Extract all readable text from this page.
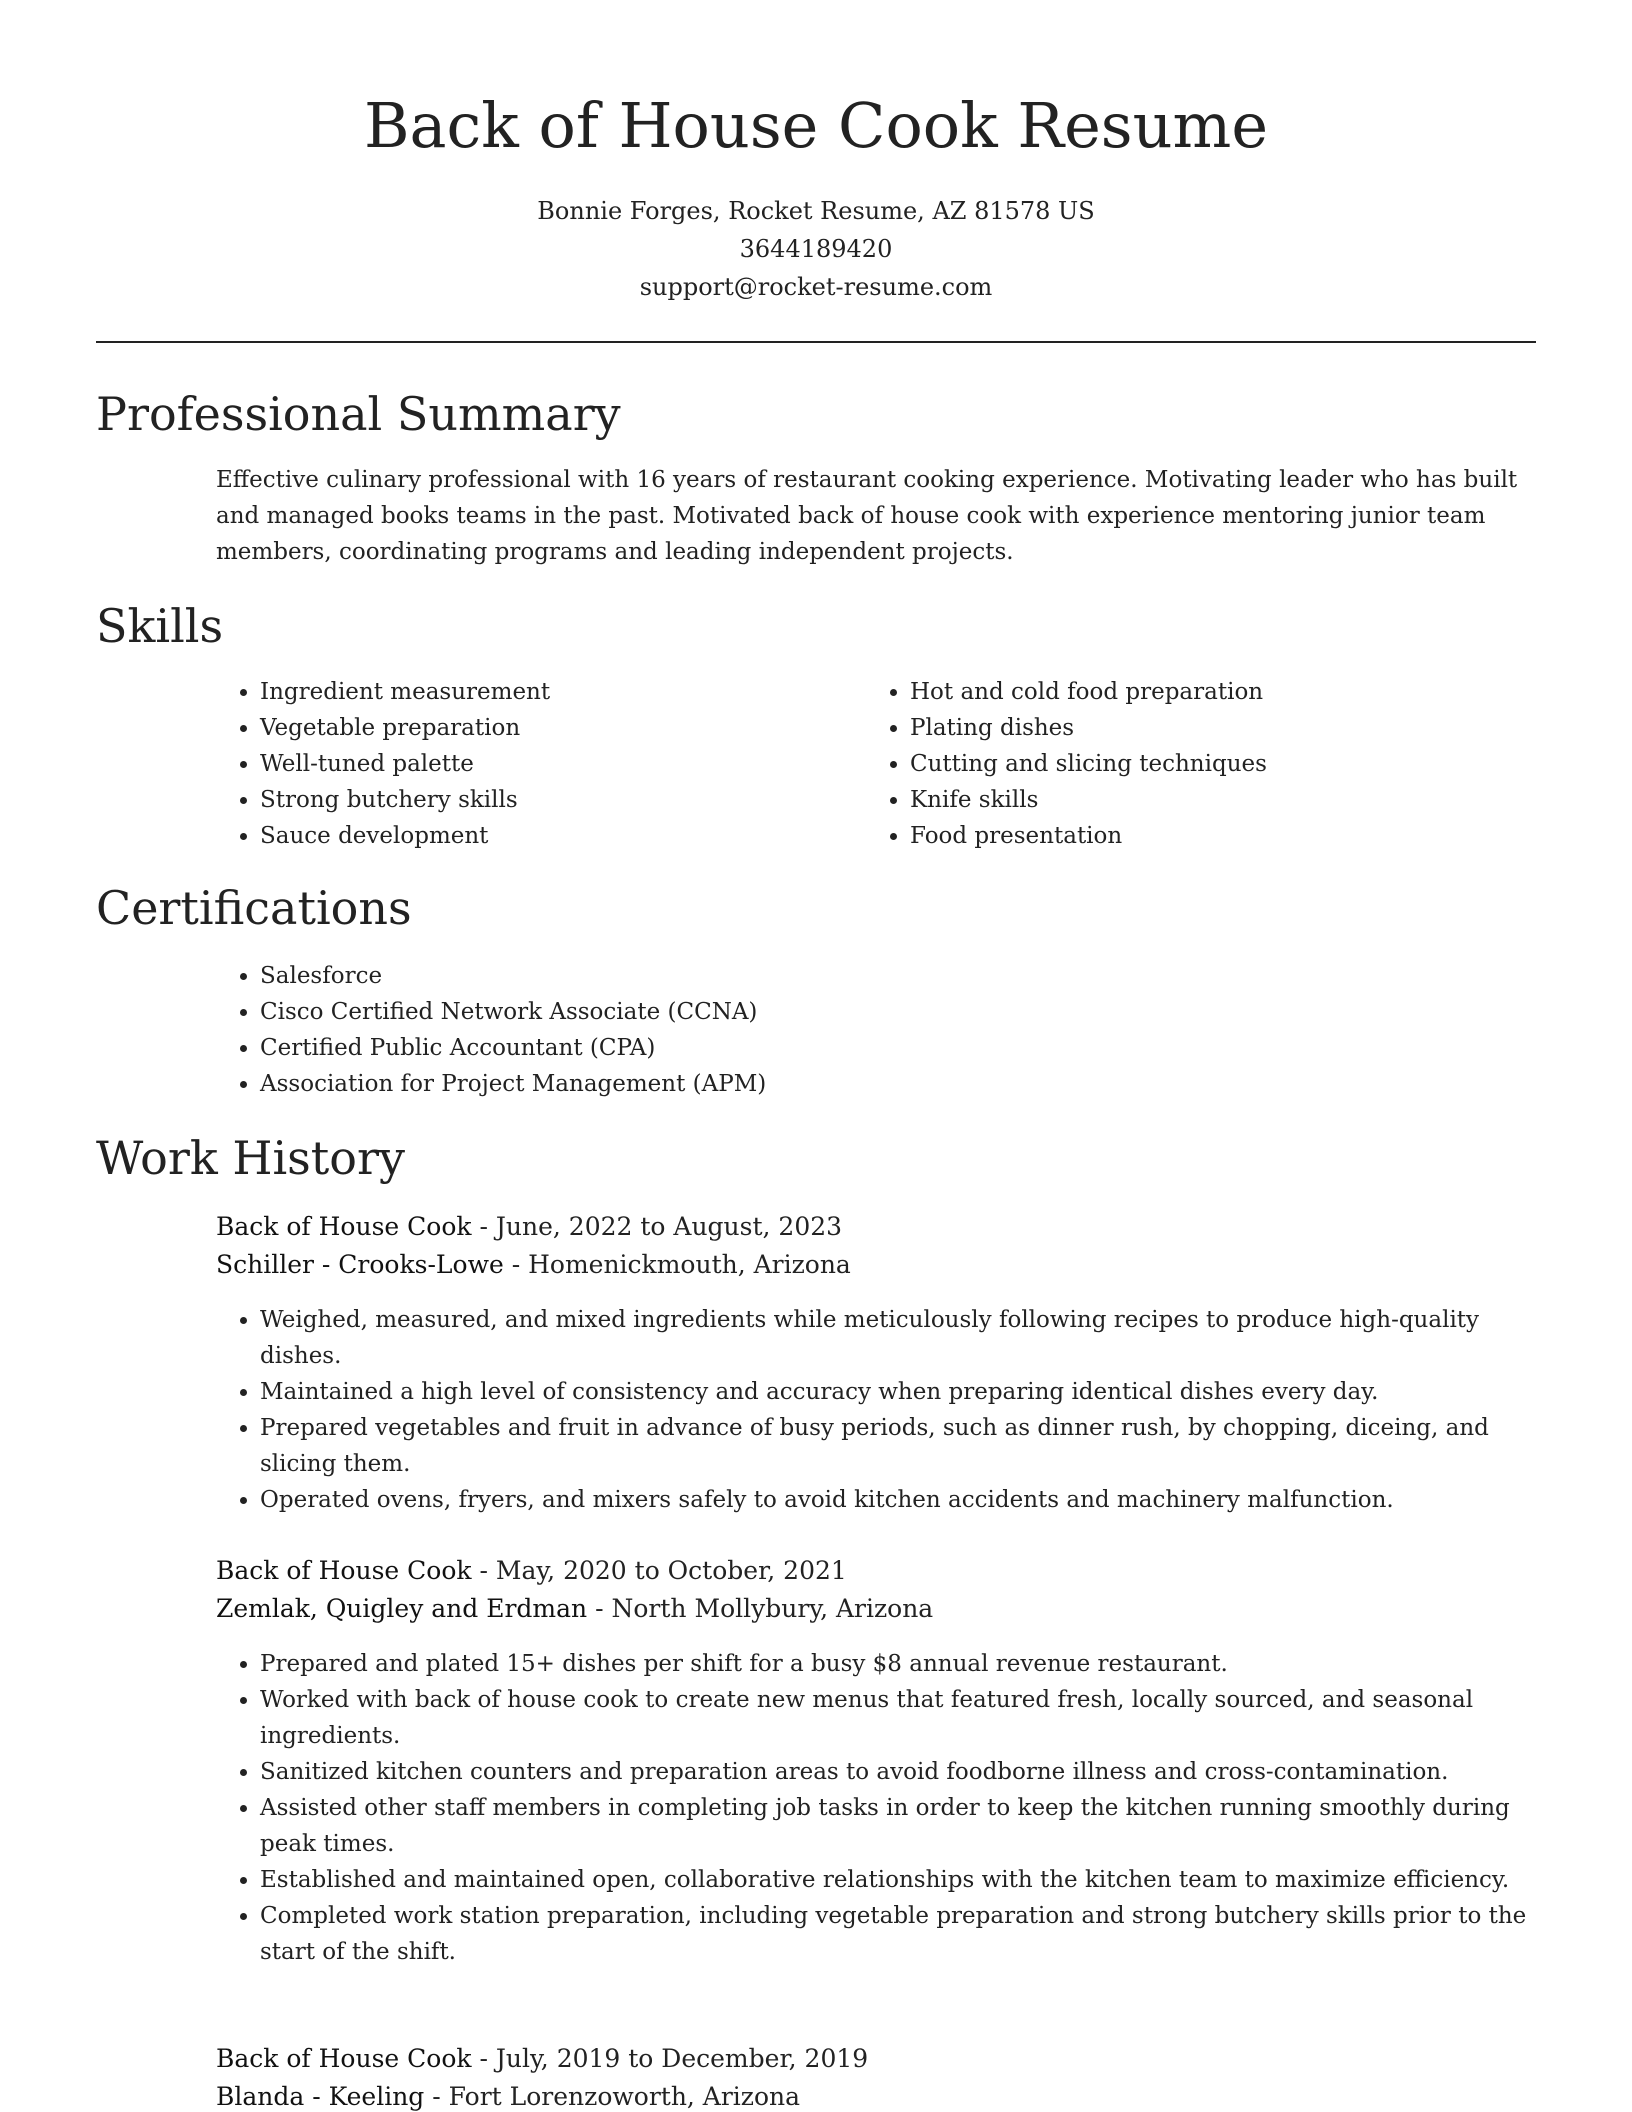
Back of House Cook Resume
Bonnie Forges, Rocket Resume, AZ 81578 US
3644189420
support@rocket-resume.com
Professional Summary

Effective culinary professional with 16 years of restaurant cooking experience. Motivating leader who has built and managed books teams in the past. Motivated back of house cook with experience mentoring junior team members, coordinating programs and leading independent projects.

Skills
• Ingredient measurement
• Vegetable preparation
• Well-tuned palette
• Strong butchery skills
• Sauce development
• Hot and cold food preparation
• Plating dishes
• Cutting and slicing techniques
• Knife skills
• Food presentation
Certifications
• Salesforce
• Cisco Certified Network Associate (CCNA)
• Certified Public Accountant (CPA)
• Association for Project Management (APM)
Work History
Back of House Cook - June, 2022 to August, 2023
Schiller - Crooks-Lowe - Homenickmouth, Arizona
• Weighed, measured, and mixed ingredients while meticulously following recipes to produce high-quality dishes.
• Maintained a high level of consistency and accuracy when preparing identical dishes every day.
• Prepared vegetables and fruit in advance of busy periods, such as dinner rush, by chopping, diceing, and slicing them.
• Operated ovens, fryers, and mixers safely to avoid kitchen accidents and machinery malfunction.
Back of House Cook - May, 2020 to October, 2021
Zemlak, Quigley and Erdman - North Mollybury, Arizona
• Prepared and plated 15+ dishes per shift for a busy $8 annual revenue restaurant.
• Worked with back of house cook to create new menus that featured fresh, locally sourced, and seasonal ingredients.
• Sanitized kitchen counters and preparation areas to avoid foodborne illness and cross-contamination.
• Assisted other staff members in completing job tasks in order to keep the kitchen running smoothly during peak times.
• Established and maintained open, collaborative relationships with the kitchen team to maximize efficiency.
• Completed work station preparation, including vegetable preparation and strong butchery skills prior to the start of the shift.
Back of House Cook - July, 2019 to December, 2019
Blanda - Keeling - Fort Lorenzoworth, Arizona
